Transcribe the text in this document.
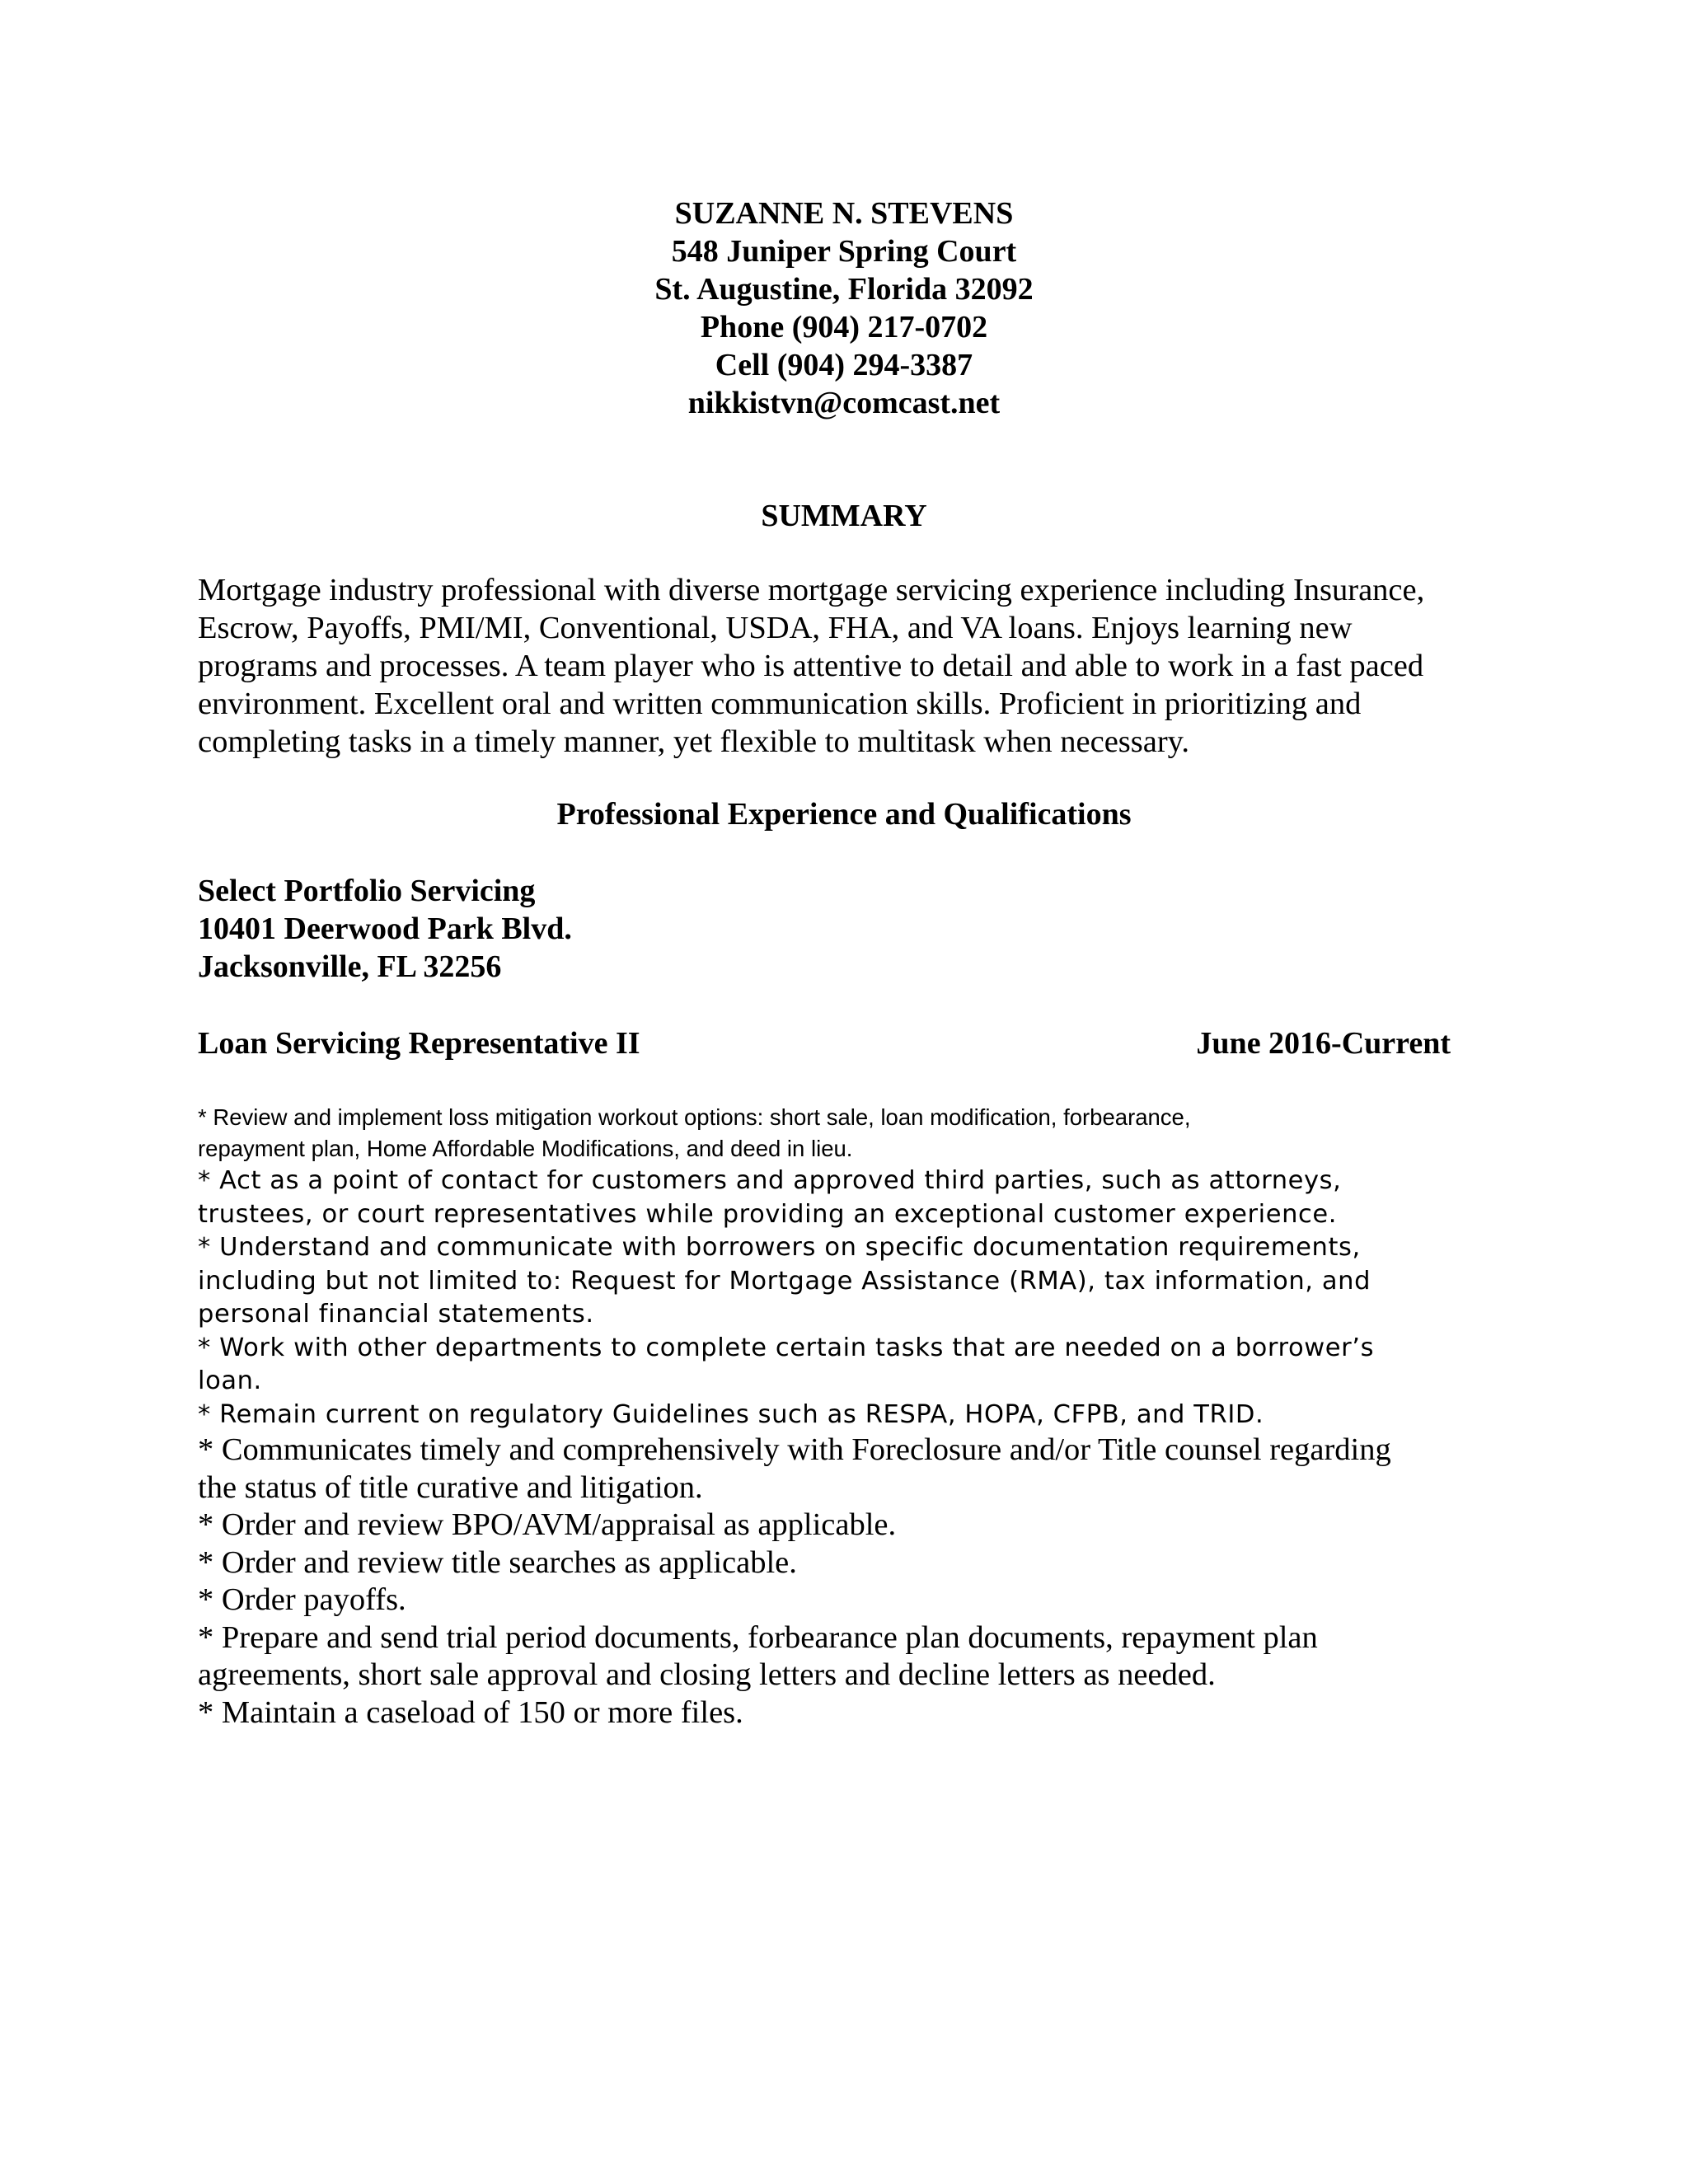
SUZANNE N. STEVENS
548 Juniper Spring Court
St. Augustine, Florida 32092
Phone (904) 217-0702
Cell (904) 294-3387
nikkistvn@comcast.net
SUMMARY
Mortgage industry professional with diverse mortgage servicing experience including Insurance,
Escrow, Payoffs, PMI/MI, Conventional, USDA, FHA, and VA loans. Enjoys learning new
programs and processes. A team player who is attentive to detail and able to work in a fast paced
environment. Excellent oral and written communication skills. Proficient in prioritizing and
completing tasks in a timely manner, yet flexible to multitask when necessary.
Professional Experience and Qualifications
Select Portfolio Servicing
10401 Deerwood Park Blvd.
Jacksonville, FL 32256
Loan Servicing Representative II	June 2016-Current
* Review and implement loss mitigation workout options: short sale, loan modification, forbearance,
repayment plan, Home Affordable Modifications, and deed in lieu.
* Act as a point of contact for customers and approved third parties, such as attorneys,
trustees, or court representatives while providing an exceptional customer experience.
* Understand and communicate with borrowers on specific documentation requirements,
including but not limited to: Request for Mortgage Assistance (RMA), tax information, and
personal financial statements.
* Work with other departments to complete certain tasks that are needed on a borrower’s
loan.
* Remain current on regulatory Guidelines such as RESPA, HOPA, CFPB, and TRID.
* Communicates timely and comprehensively with Foreclosure and/or Title counsel regarding
the status of title curative and litigation.
* Order and review BPO/AVM/appraisal as applicable.
* Order and review title searches as applicable.
* Order payoffs.
* Prepare and send trial period documents, forbearance plan documents, repayment plan
agreements, short sale approval and closing letters and decline letters as needed.
* Maintain a caseload of 150 or more files.
